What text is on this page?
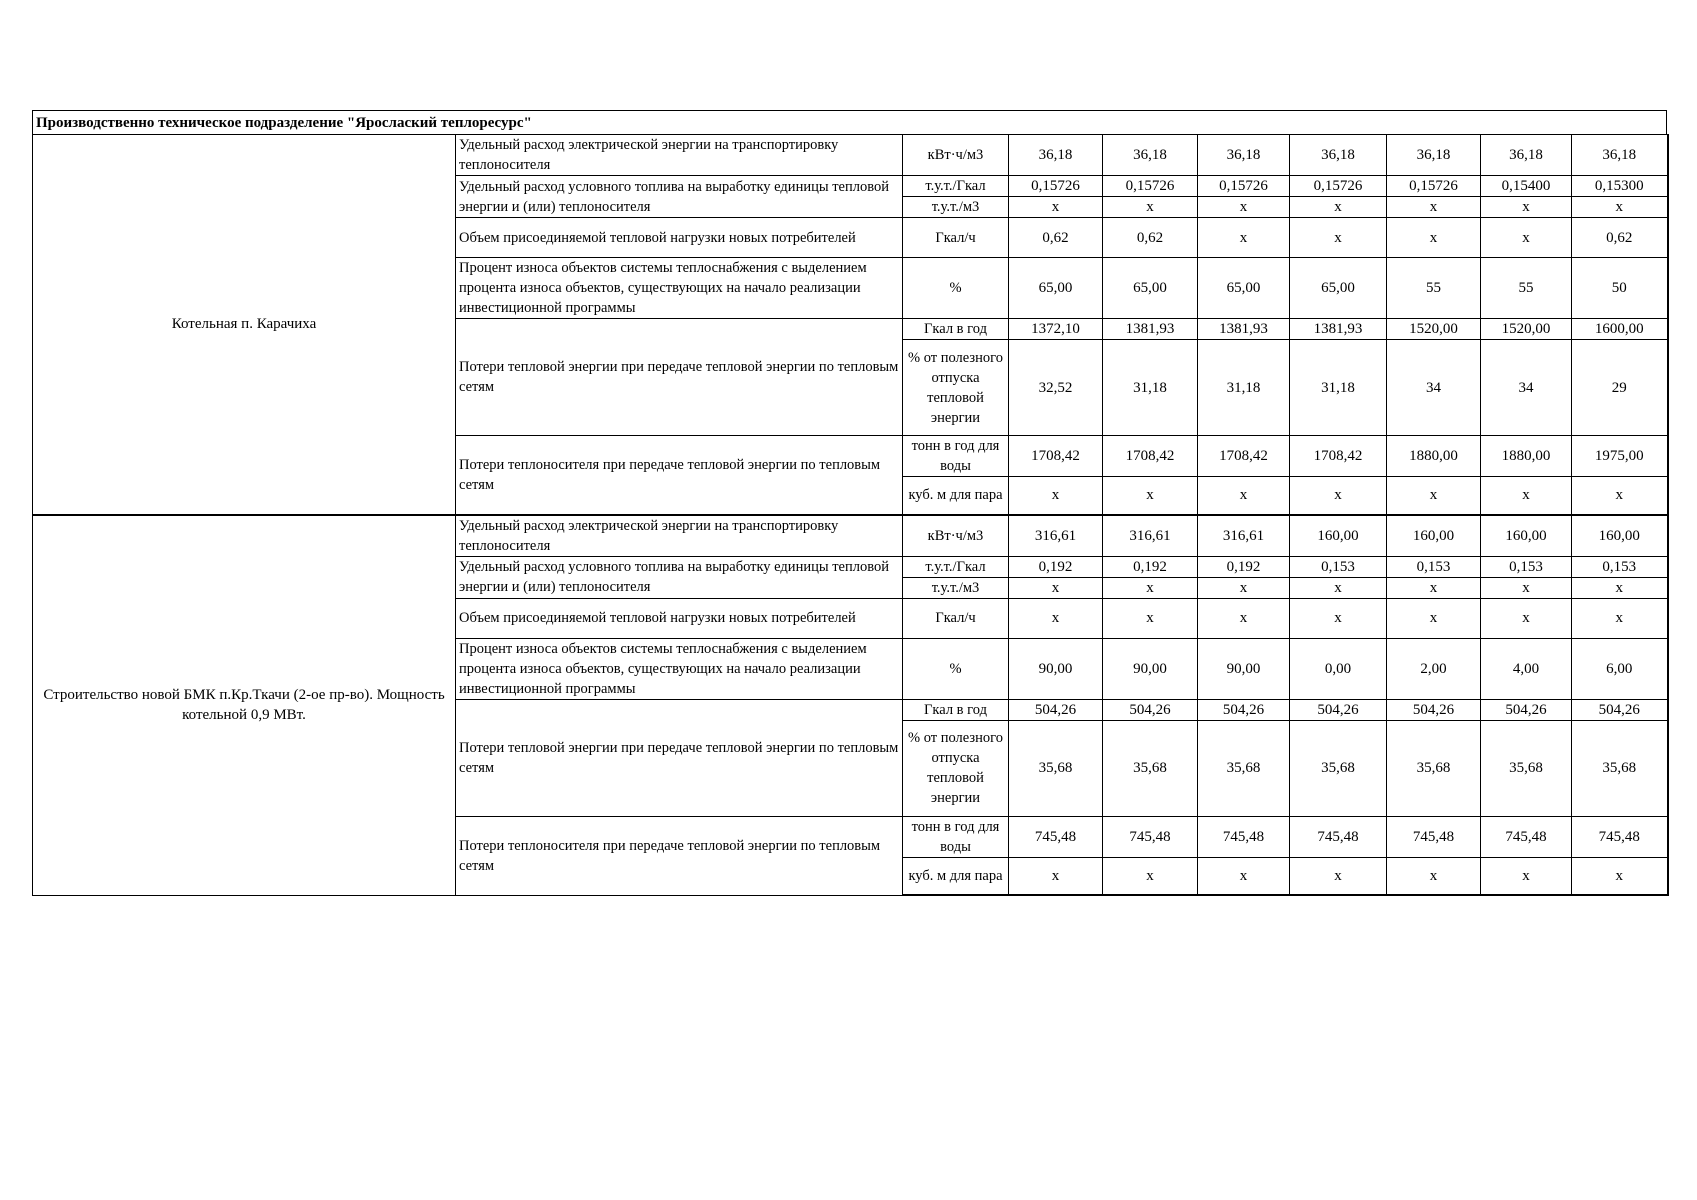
Производственно техническое подразделение "Ярослаский теплоресурс"
Котельная п. Карачиха	Удельный расход электрической энергии на транспортировку теплоносителя	кВт·ч/м3	36,18	36,18	36,18	36,18	36,18	36,18	36,18
	Удельный расход условного топлива на выработку единицы тепловой энергии и (или) теплоносителя	т.у.т./Гкал	0,15726	0,15726	0,15726	0,15726	0,15726	0,15400	0,15300
		т.у.т./м3	x	x	x	x	x	x	x
	Объем присоединяемой тепловой нагрузки новых потребителей	Гкал/ч	0,62	0,62	x	x	x	x	0,62
	Процент износа объектов системы теплоснабжения с выделением процента износа объектов, существующих на начало реализации инвестиционной программы	%	65,00	65,00	65,00	65,00	55	55	50
	Потери тепловой энергии при передаче тепловой энергии по тепловым сетям	Гкал в год	1372,10	1381,93	1381,93	1381,93	1520,00	1520,00	1600,00
		% от полезного отпуска тепловой энергии	32,52	31,18	31,18	31,18	34	34	29
	Потери теплоносителя при передаче тепловой энергии по тепловым сетям	тонн в год для воды	1708,42	1708,42	1708,42	1708,42	1880,00	1880,00	1975,00
		куб. м для пара	x	x	x	x	x	x	x
Строительство новой БМК п.Кр.Ткачи (2-ое пр-во). Мощность котельной 0,9 МВт.	Удельный расход электрической энергии на транспортировку теплоносителя	кВт·ч/м3	316,61	316,61	316,61	160,00	160,00	160,00	160,00
	Удельный расход условного топлива на выработку единицы тепловой энергии и (или) теплоносителя	т.у.т./Гкал	0,192	0,192	0,192	0,153	0,153	0,153	0,153
		т.у.т./м3	x	x	x	x	x	x	x
	Объем присоединяемой тепловой нагрузки новых потребителей	Гкал/ч	x	x	x	x	x	x	x
	Процент износа объектов системы теплоснабжения с выделением процента износа объектов, существующих на начало реализации инвестиционной программы	%	90,00	90,00	90,00	0,00	2,00	4,00	6,00
	Потери тепловой энергии при передаче тепловой энергии по тепловым сетям	Гкал в год	504,26	504,26	504,26	504,26	504,26	504,26	504,26
		% от полезного отпуска тепловой энергии	35,68	35,68	35,68	35,68	35,68	35,68	35,68
	Потери теплоносителя при передаче тепловой энергии по тепловым сетям	тонн в год для воды	745,48	745,48	745,48	745,48	745,48	745,48	745,48
		куб. м для пара	x	x	x	x	x	x	x
